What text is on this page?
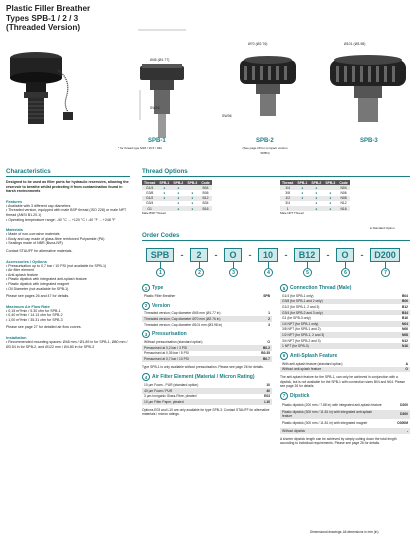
Plastic Filler Breather
Types SPB-1 / 2 / 3
(Threaded Version)
Ø45 (Ø1.77)
SW26
Ø70 (Ø2.76)
SW36
Ø101 (Ø3.98)
SPB-1
* for thread type M18 / 16.5 / 032
SPB-2
(See page 28 for compact version SPBN)
SPB-3
Characteristics
Designed to be used as filler ports for hydraulic reservoirs, allowing the reservoir to breathe whilst protecting it from contamination found in harsh environments
Features
• Available with 3 different cap diameters
• Threaded version, equipped with male BSP thread (ISO 228) or male NPT thread (ANSI B1.20.1)
• Operating temperature range: -40 °C ... +120 °C / -40 °F ... +248 °F
Materials
• Made of non-corrosive materials
• Body and cap made of glass-fibre reinforced Polyamide (PA)
• Sealings made of NBR (Buna-N®)
Contact STAUFF for alternative materials.
Accessories / Options
• Pressurisation up to 0,7 bar / 10 PSI (not available for SPB-1)
• Air filter element
• Anti-splash feature
• Plastic dipstick with integrated anti-splash feature
• Plastic dipstick with integrated magnet
• Oil Diameter (not available for SPB-1)
Please see pages 26 and 47 for details.
Maximum Air Flow Rate
• 0,15 m³/min / 5.30 cfm for SPB-1
• 0,40 m³/min / 14.13 cfm for SPB-2
• 1,00 m³/min / 35.31 cfm for SPB-3
Please see page 27 for detailed air flow curves.
Installation
• Recommended mounting spaces: Ø48 mm / Ø1.89 in for SPB-1, Ø80 mm / Ø3.54 in for SPB-2, and Ø122 mm / Ø4.80 in for SPB-3
Thread Options
Thread	SPB-1	SPB-2	SPB-3	Code
G1/4	●	●		B04
G3/8	●	●	●	B06
G1/2	●	●	●	B12
G3/4		●	●	B34
G1		●	●	B16
Male BSP Thread
Thread	SPB-1	SPB-2	SPB-3	Code
1/4	●	●		N04
3/8	●	●	●	N06
1/2	●	●	●	N08
3/4		●	●	N12
1		●	●	N16
Male NPT Thread
● Standard Option
Order Codes
SPB	-	2	-	O	-	10	-	B12	-	O	-	D200
1	2	3	4	5	6	7
1 Type
Plastic Filler Breather	SPB
2 Version
Threaded version; Cap diameter Ø45 mm (Ø1.77 in)	1
Threaded version; Cap diameter Ø70 mm (Ø2.76 in)	2
Threaded version; Cap diameter Ø101 mm (Ø3.98 in)	3
3 Pressurisation
Without pressurisation (standard option)	O
Pressurised at 0,2 bar / 3 PSI	B0.2
Pressurised at 0,35 bar / 5 PSI	B0.35
Pressurised at 0,7 bar / 10 PSI	B0.7
Type SPB-1 is only available without pressurisation. Please see page 26 for details.
4 Air Filter Element (Material / Micron Rating)
10 µm Foam - PUR (standard option)	10
40 µm Foam / PUR	40
3 µm Inorganic Glass-Fibre, pleated	E03
10 µm Filter Paper, pleated	L10
Options E03 and L10 are only available for type SPB-3. Contact STAUFF for alternative materials / micron ratings.
5 Connection Thread (Male)
G1/4 (for SPB-1 only)	B04
G3/8 (for SPB-1 and 2 only)	B06
G1/2 (for SPB-1, 2 and 3)	B12
G3/4 (for SPB-2 and 3 only)	B34
G1 (for SPB-3 only)	B16
1/4 NPT (for SPB-1 only)	N04
3/8 NPT (for SPB-1 and 2)	N06
1/2 NPT (for SPB-1, 2 and 3)	N08
3/4 NPT (for SPB-2 and 3)	N12
1 NPT (for SPB-3)	N16
6 Anti-Splash Feature
With anti-splash feature (standard option)	A
Without anti-splash feature	O
The anti-splash feature for the SPB-1, can only be achieved in conjunction with a dipstick, but is not available for the SPB-1 with connection sizes B04 and N04. Please see page 26 for details.
7 Dipstick
Plastic dipstick (200 mm / 7.88 in) with integrated anti-splash feature	D200
Plastic dipstick (300 mm / 11.81 in) with integrated anti-splash feature	D300
Plastic dipstick (300 mm / 11.81 in) with integrated magnet	D300M
Without dipstick	-
A shorter dipstick length can be achieved by simply cutting down the total length according to individual requirements. Please see page 26 for details.
Dimensional drawings: All dimensions in mm (in).
